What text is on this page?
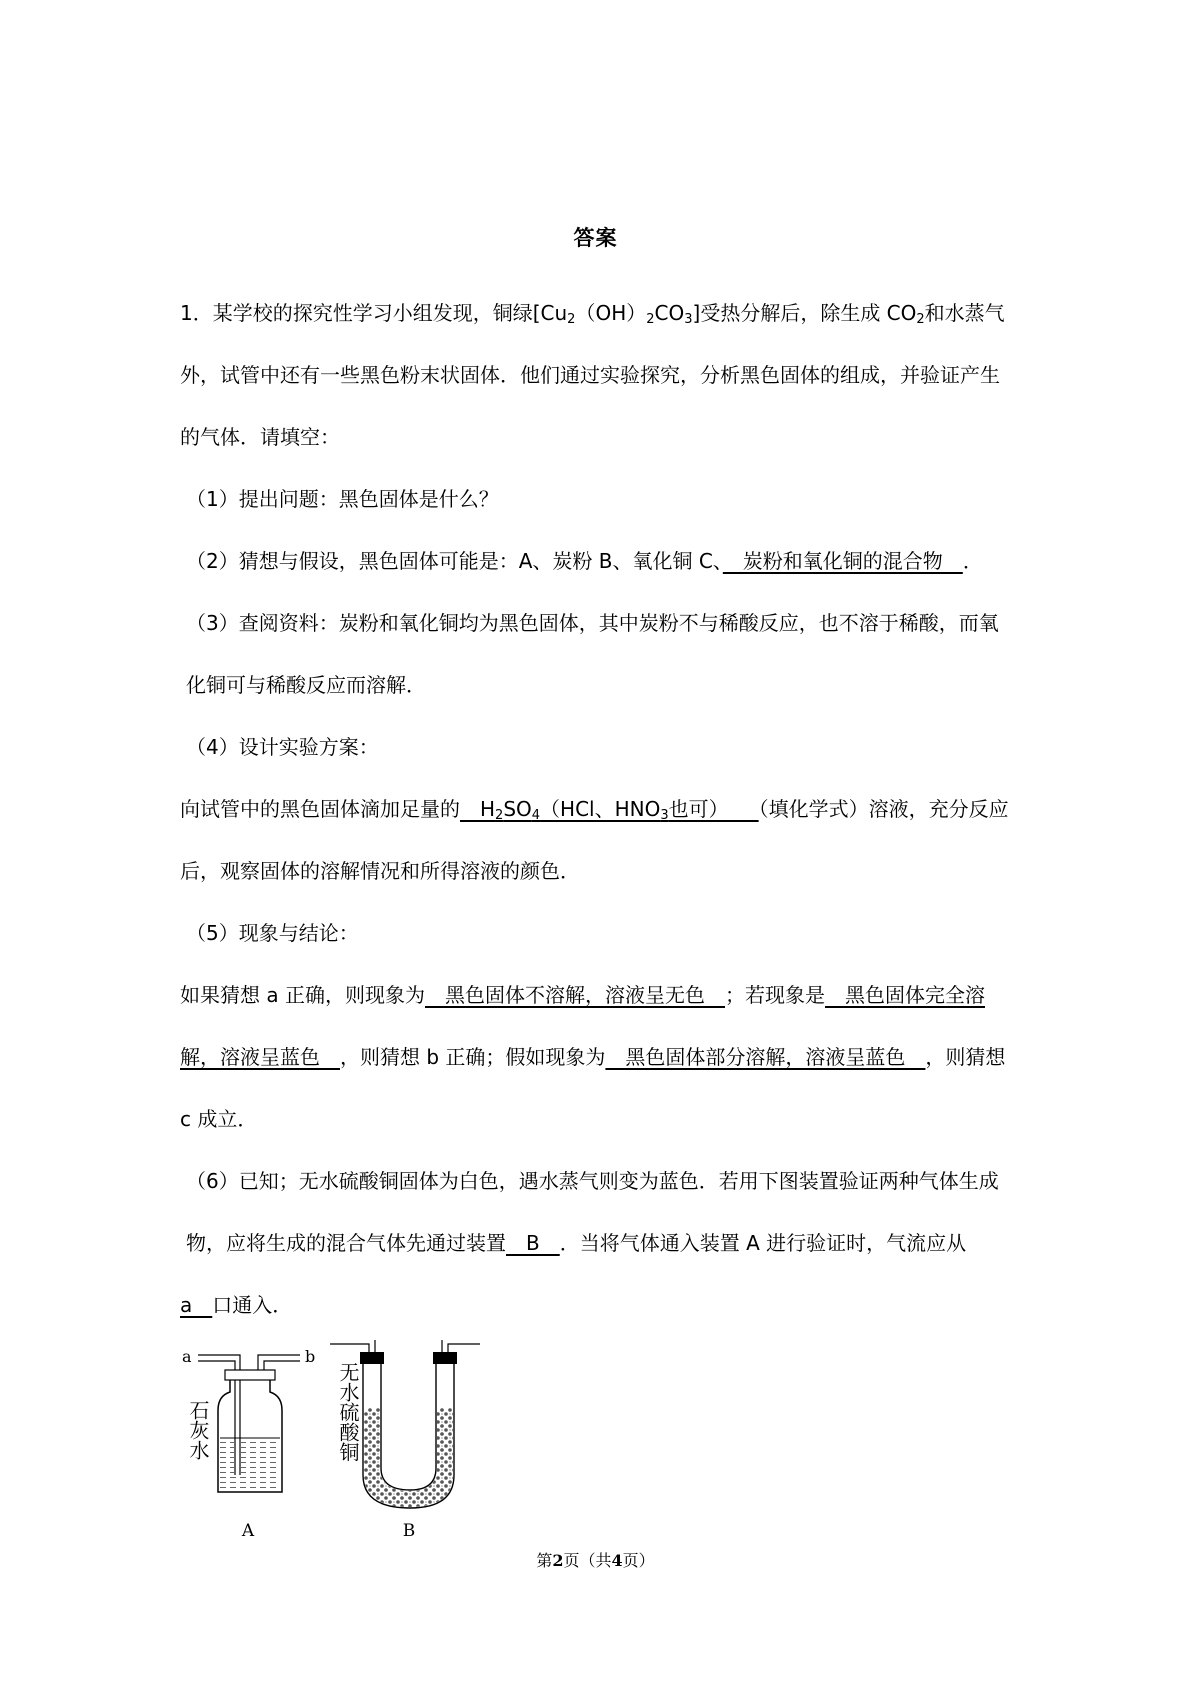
答案

1．某学校的探究性学习小组发现，铜绿$[Cu_2(OH)_2CO_3]$受热分解后，除生成 $CO_2$和水蒸气外，试管中还有一些黑色粉末状固体．他们通过实验探究，分析黑色固体的组成，并验证产生的气体．请填空：

（1）提出问题：黑色固体是什么？

（2）猜想与假设，黑色固体可能是：A、炭粉 B、氧化铜 C、　炭粉和氧化铜的混合物　．

（3）查阅资料：炭粉和氧化铜均为黑色固体，其中炭粉不与稀酸反应，也不溶于稀酸，而氧化铜可与稀酸反应而溶解．

（4）设计实验方案：

向试管中的黑色固体滴加足量的　$H_2SO_4(HCl$、$HNO_3$也可）　　（填化学式）溶液，充分反应后，观察固体的溶解情况和所得溶液的颜色．

（5）现象与结论：

如果猜想 a 正确，则现象为　黑色固体不溶解，溶液呈无色　；若现象是　黑色固体完全溶解，溶液呈蓝色　，则猜想 b 正确；假如现象为　黑色固体部分溶解，溶液呈蓝色　，则猜想 c 成立．

（6）已知；无水硫酸铜固体为白色，遇水蒸气则变为蓝色．若用下图装置验证两种气体生成物，应将生成的混合气体先通过装置　B　．当将气体通入装置 A 进行验证时，气流应从

a　口通入．

a	b
石灰水
A
无水硫酸铜
B
第2页（共4页）
